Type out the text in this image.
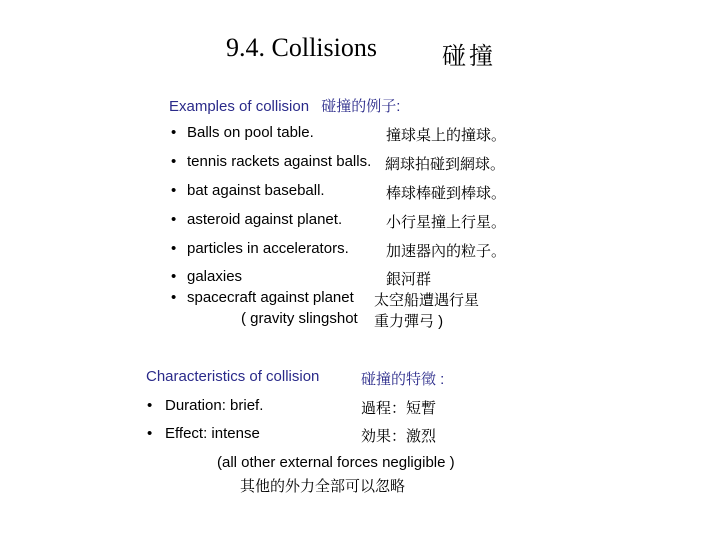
9.4. Collisions	碰撞
Examples of collision 碰撞的例子:
• Balls on pool table.	撞球桌上的撞球。
• tennis rackets against balls. 網球拍碰到網球。
• bat against baseball.	棒球棒碰到棒球。
• asteroid against planet.	小行星撞上行星。
• particles in accelerators. 加速器內的粒子。
• galaxies	銀河群
• spacecraft against planet 太空船遭遇行星
( gravity slingshot 重力彈弓 )
Characteristics of collision	碰撞的特徵 :
• Duration: brief.	過程：短暫
• Effect: intense	効果：激烈
(all other external forces negligible )
其他的外力全部可以忽略
